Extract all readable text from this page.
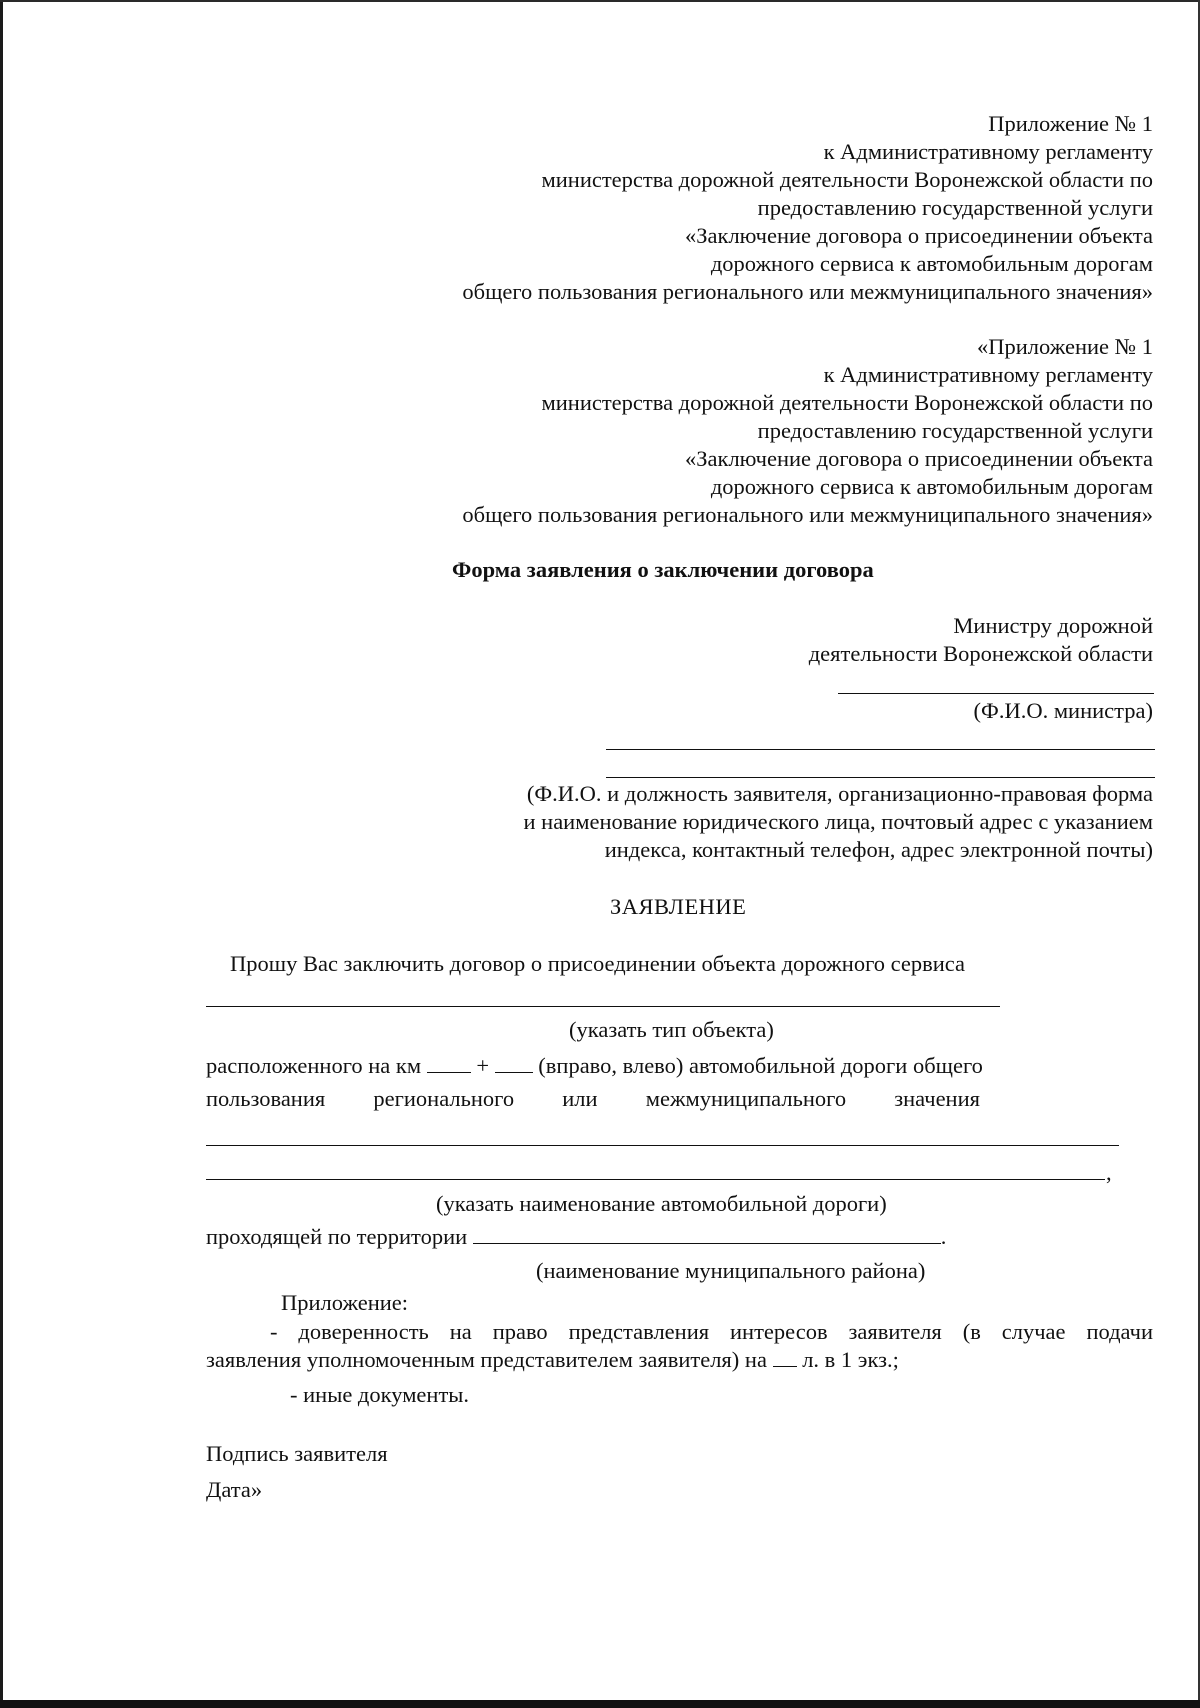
Приложение № 1
к Административному регламенту
министерства дорожной деятельности Воронежской области по
предоставлению государственной услуги
«Заключение договора о присоединении объекта
дорожного сервиса к автомобильным дорогам
общего пользования регионального или межмуниципального значения»
«Приложение № 1
к Административному регламенту
министерства дорожной деятельности Воронежской области по
предоставлению государственной услуги
«Заключение договора о присоединении объекта
дорожного сервиса к автомобильным дорогам
общего пользования регионального или межмуниципального значения»
Форма заявления о заключении договора
Министру дорожной
деятельности Воронежской области
(Ф.И.О. министра)
(Ф.И.О. и должность заявителя, организационно-правовая форма
и наименование юридического лица, почтовый адрес с указанием
индекса, контактный телефон, адрес электронной почты)
ЗАЯВЛЕНИЕ
Прошу Вас заключить договор о присоединении объекта дорожного сервиса
(указать тип объекта)
расположенного на км + (вправо, влево) автомобильной дороги общего
пользования регионального или межмуниципального значения
,
(указать наименование автомобильной дороги)
проходящей по территории	.
(наименование муниципального района)
Приложение:
- доверенность на право представления интересов заявителя (в случае подачи
заявления уполномоченным представителем заявителя) на л. в 1 экз.;
- иные документы.
Подпись заявителя
Дата»
